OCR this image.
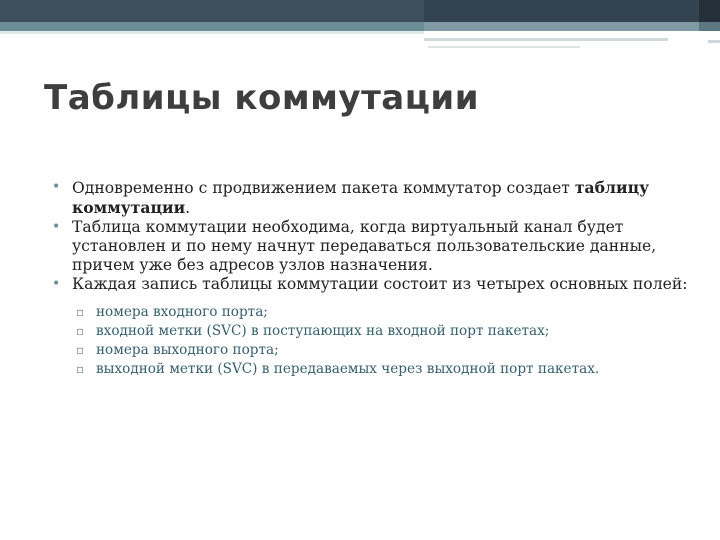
Таблицы коммутации
• Одновременно с продвижением пакета коммутатор создает таблицу коммутации.
• Таблица коммутации необходима, когда виртуальный канал будет установлен и по нему начнут передаваться пользовательские данные, причем уже без адресов узлов назначения.
• Каждая запись таблицы коммутации состоит из четырех основных полей:
▫ номера входного порта;
▫ входной метки (SVC) в поступающих на входной порт пакетах;
▫ номера выходного порта;
▫ выходной метки (SVC) в передаваемых через выходной порт пакетах.
